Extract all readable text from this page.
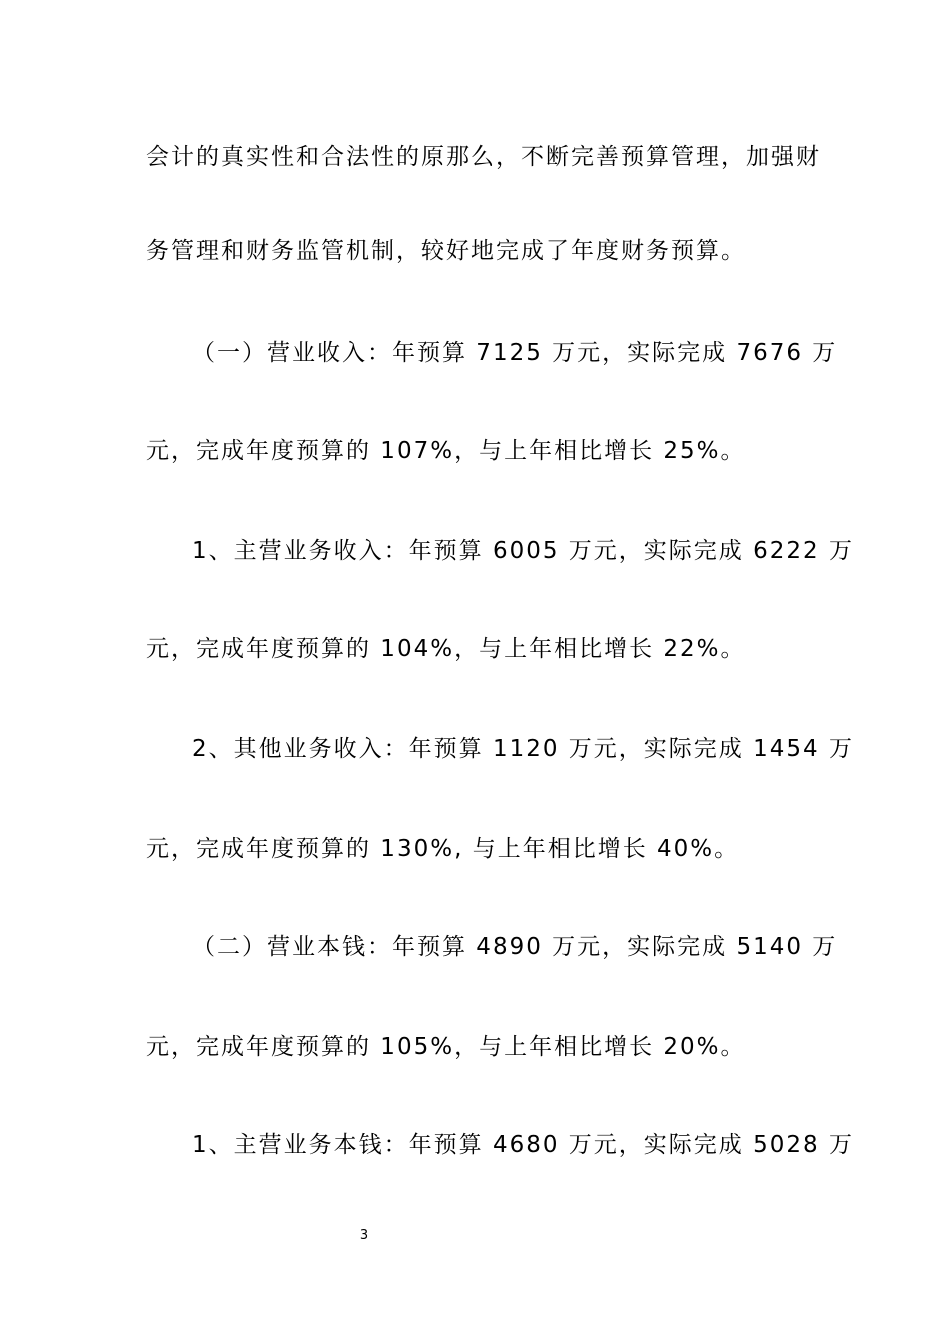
会计的真实性和合法性的原那么，不断完善预算管理，加强财
务管理和财务监管机制，较好地完成了年度财务预算。
（一）营业收入：年预算 7125 万元，实际完成 7676 万
元，完成年度预算的 107%，与上年相比增长 25%。
1、主营业务收入：年预算 6005 万元，实际完成 6222 万
元，完成年度预算的 104%，与上年相比增长 22%。
2、其他业务收入：年预算 1120 万元，实际完成 1454 万
元，完成年度预算的 130%, 与上年相比增长 40%。
（二）营业本钱：年预算 4890 万元，实际完成 5140 万
元，完成年度预算的 105%，与上年相比增长 20%。
1、主营业务本钱：年预算 4680 万元，实际完成 5028 万
3
